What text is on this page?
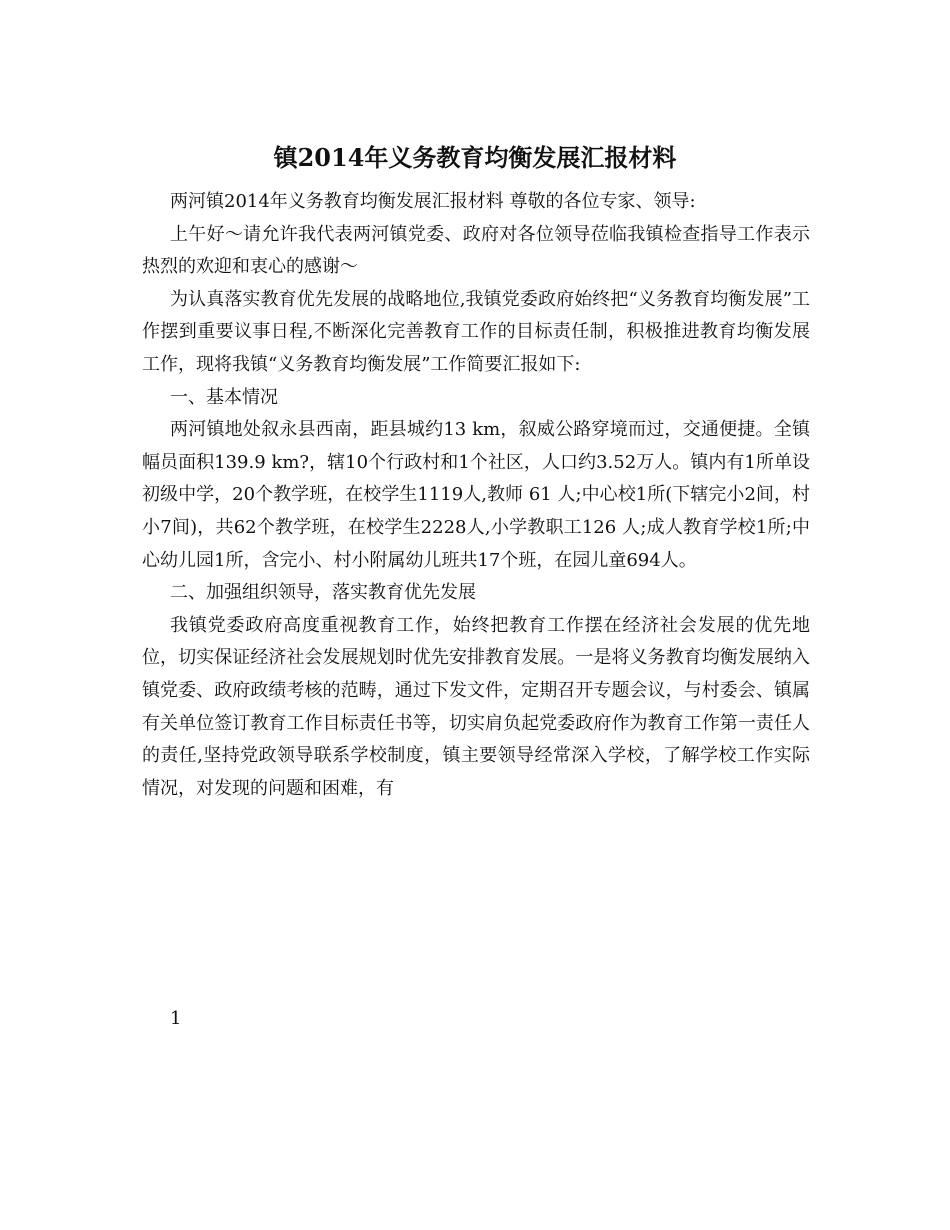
镇2014年义务教育均衡发展汇报材料

两河镇2014年义务教育均衡发展汇报材料 尊敬的各位专家、领导:

上午好～请允许我代表两河镇党委、政府对各位领导莅临我镇检查指导工作表示热烈的欢迎和衷心的感谢～

为认真落实教育优先发展的战略地位,我镇党委政府始终把“义务教育均衡发展”工作摆到重要议事日程,不断深化完善教育工作的目标责任制，积极推进教育均衡发展工作，现将我镇“义务教育均衡发展”工作简要汇报如下:

一、基本情况

两河镇地处叙永县西南，距县城约13 km，叙威公路穿境而过，交通便捷。全镇幅员面积139.9 km?，辖10个行政村和1个社区，人口约3.52万人。镇内有1所单设初级中学，20个教学班，在校学生1119人,教师 61 人;中心校1所(下辖完小2间，村小7间)，共62个教学班，在校学生2228人,小学教职工126 人;成人教育学校1所;中心幼儿园1所，含完小、村小附属幼儿班共17个班，在园儿童694人。

二、加强组织领导，落实教育优先发展

我镇党委政府高度重视教育工作，始终把教育工作摆在经济社会发展的优先地位，切实保证经济社会发展规划时优先安排教育发展。一是将义务教育均衡发展纳入镇党委、政府政绩考核的范畴，通过下发文件，定期召开专题会议，与村委会、镇属有关单位签订教育工作目标责任书等，切实肩负起党委政府作为教育工作第一责任人的责任,坚持党政领导联系学校制度，镇主要领导经常深入学校，了解学校工作实际情况，对发现的问题和困难，有

1
